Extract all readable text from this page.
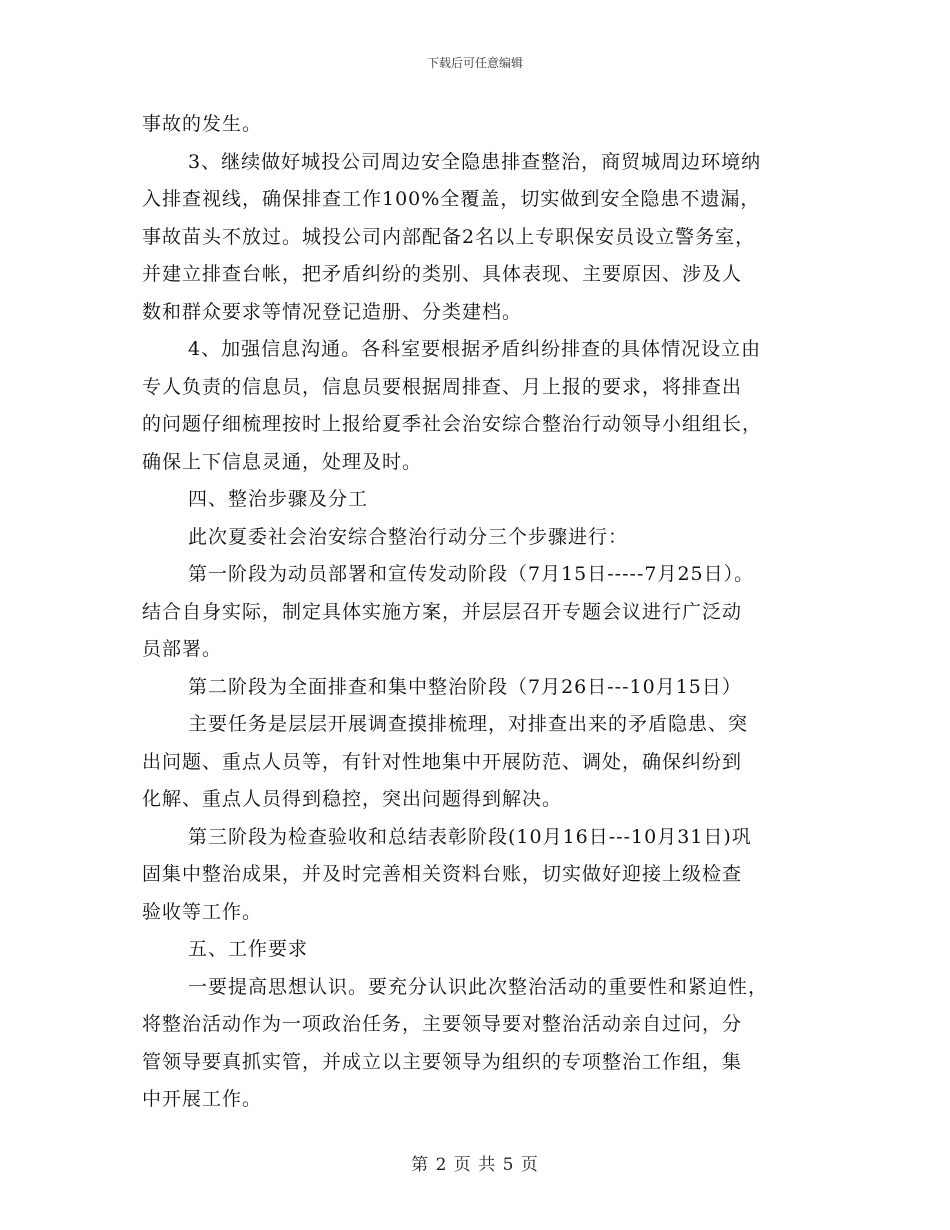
下载后可任意编辑
事故的发生。
3、继续做好城投公司周边安全隐患排查整治，商贸城周边环境纳
入排查视线，确保排查工作100%全覆盖，切实做到安全隐患不遗漏，
事故苗头不放过。城投公司内部配备2名以上专职保安员设立警务室，
并建立排查台帐，把矛盾纠纷的类别、具体表现、主要原因、涉及人
数和群众要求等情况登记造册、分类建档。
4、加强信息沟通。各科室要根据矛盾纠纷排查的具体情况设立由
专人负责的信息员，信息员要根据周排查、月上报的要求，将排查出
的问题仔细梳理按时上报给夏季社会治安综合整治行动领导小组组长，
确保上下信息灵通，处理及时。
四、整治步骤及分工
此次夏委社会治安综合整治行动分三个步骤进行：
第一阶段为动员部署和宣传发动阶段（7月15日-----7月25日）。
结合自身实际，制定具体实施方案，并层层召开专题会议进行广泛动
员部署。
第二阶段为全面排查和集中整治阶段（7月26日---10月15日）
主要任务是层层开展调查摸排梳理，对排查出来的矛盾隐患、突
出问题、重点人员等，有针对性地集中开展防范、调处，确保纠纷到
化解、重点人员得到稳控，突出问题得到解决。
第三阶段为检查验收和总结表彰阶段(10月16日---10月31日)巩
固集中整治成果，并及时完善相关资料台账，切实做好迎接上级检查
验收等工作。
五、工作要求
一要提高思想认识。要充分认识此次整治活动的重要性和紧迫性，
将整治活动作为一项政治任务，主要领导要对整治活动亲自过问，分
管领导要真抓实管，并成立以主要领导为组织的专项整治工作组，集
中开展工作。
第 2 页 共 5 页
